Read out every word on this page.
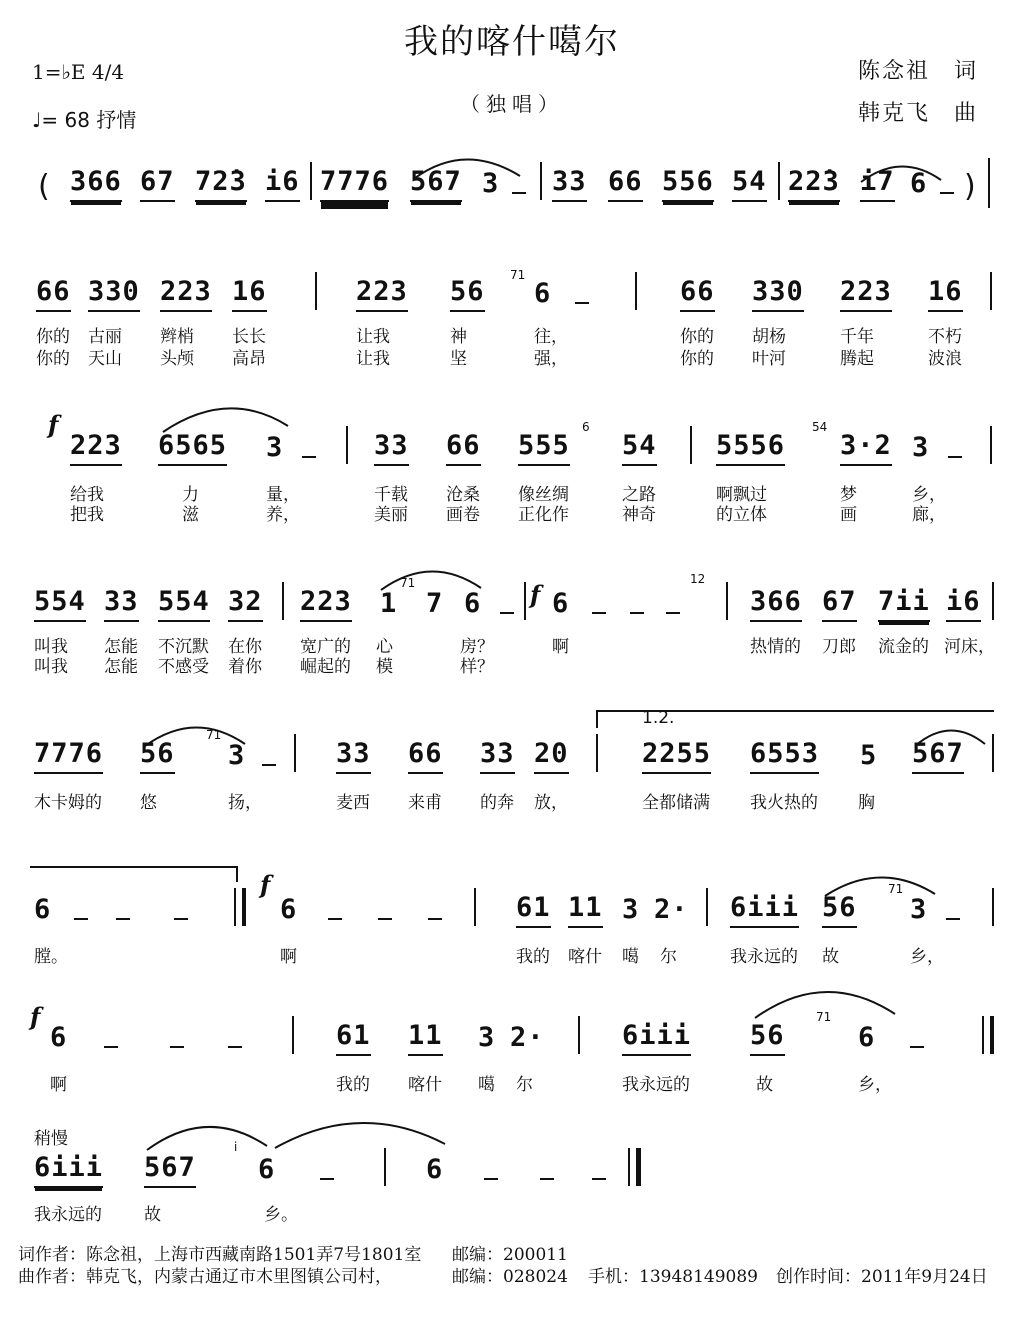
我的喀什噶尔
（独唱）
陈念祖　词
韩克飞　曲
1=♭E 4/4
♩= 68 抒情
( 366 67 72̇3 i6 7776 567 3 33 66 556 54 22̇3 i7 6 )
66 330 223 16	223 56
71
6	66 330 223 16
你的 古丽 辫梢 长长	让我	神	往，	你的 胡杨	千年	不朽
你的 天山 头颅 高昂	让我	坚	强，	你的 叶河	腾起	波浪
f
223 6565 3	33 66 555
6
54 5556
54
3·2 3
给我	力	量，	千载 沧桑 像丝绸	之路	啊飘过	梦	乡，
把我	滋	养，	美丽 画卷 正化作	神奇	的立体	画	廊，
554 33 554 32 223 1
71
7 6 f 6
12
366 67 7ii i6
叫我 怎能 不沉默 在你 宽广的 心	房？	啊	热情的 刀郎 流金的 河床，
叫我 怎能 不感受 着你 崛起的 模	样？
1.2.
7776 56
71
3	33 66 33 20	2255 6553 5 567
木卡姆的 悠	扬，	麦西 来甫 的奔 放，	全都储满 我火热的 胸
f
6	6	61 11 3 2· 6iii 56
71
3
膛。	啊	我的 喀什 噶 尔	我永远的 故	乡，
f
6	61 11 3 2·	6iii 56
71
6
啊	我的 喀什 噶 尔	我永远的	故	乡，
稍慢
6iii 567
i
6	6
我永远的 故	乡。
词作者：陈念祖，上海市西藏南路1501弄7号1801室 邮编：200011
曲作者：韩克飞，内蒙古通辽市木里图镇公司村，	邮编：028024 手机：13948149089 创作时间：2011年9月24日
